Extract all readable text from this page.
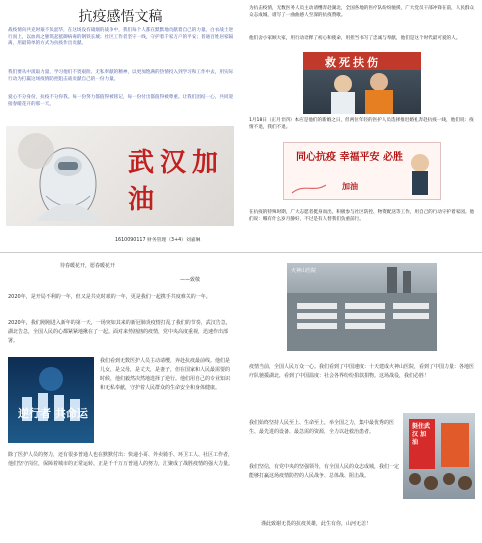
抗疫感悟文稿

战疫情向共克时艰不负韶华，在这场没有硝烟的战争中，我们每个人都在默默地贡献着自己的力量。白衣战士逆行而上，以血肉之躯筑起抵御病毒的钢铁长城；社区工作者坚守一线，守护着千家万户的平安；普通百姓居家隔离，用最简单的方式为抗疫作出贡献。

我们要从中汲取力量，学习他们不畏艰险、无私奉献的精神，以更加饱满的热情投入到学习和工作中去，用实际行动为打赢这场疫情防控阻击战贡献自己的一份力量。

爱心不分身份，抗疫不分你我。每一份努力都值得被铭记，每一份付出都值得被尊重。让我们团结一心，共同迎接春暖花开的那一天。

武汉加油
1610090117 财务管理（3+4）刘嘉琳

为抗击疫情，无数医务人员主动请缨奔赴湖北，全国各地的医疗队纷纷驰援，广大党员干部冲锋在前，人民群众众志成城，谱写了一曲曲感人至深的抗疫赞歌。

他们舍小家顾大家，用行动诠释了初心和使命，用担当书写了忠诚与奉献，他们是这个时代最可爱的人。

救死扶伤

1月18日（正月廿四）本应是他们的新婚之日，但两位年轻的医护人员选择推迟婚礼奔赴抗疫一线，他们说：疫情不退，我们不退。

同心抗疫 幸福平安 必胜
加油

在抗疫的特殊时期，广大志愿者挺身而出，积极参与社区防控、物资配送等工作，用自己的行动守护着家园。他们说：哪有什么岁月静好，不过是有人替我们负重前行。

待春暖花开，愿春暖花开

——致敬

2020年，是开局不利的一年，但又是共克时艰的一年，更是我们一起携手共度难关的一年。

2020年，我们刚刚进入新年的第一天，一场突如其来的新冠肺炎疫情打乱了我们的节奏，武汉告急，湖北告急，全国人民的心都紧紧地揪在了一起。面对来势汹汹的疫情，党中央高度重视，迅速作出部署。

逆行者 共命运

我们看到无数医护人员主动请缨，奔赴抗疫最前线。他们是儿女，是父母，是丈夫，是妻子，但在国家和人民最需要的时候，他们毅然决然地选择了逆行。他们用自己的专业知识和无私奉献，守护着人民群众的生命安全和身体健康。

除了医护人员的努力，还有很多普通人也在默默付出：快递小哥、外卖骑手、环卫工人、社区工作者，他们坚守岗位，保障着城市的正常运转。正是千千万万普通人的努力，汇聚成了战胜疫情的强大力量。

火神山医院

疫情当前，全国人民万众一心。我们看到了中国速度：十天建成火神山医院，看到了中国力量：各地医疗队驰援湖北，看到了中国温度：社会各界纷纷捐款捐物。这场战役，我们必胜！

我们始终坚持人民至上、生命至上，举全国之力，集中最优秀的医生、最先进的设备、最急需的资源，全力以赴救治患者。

挺住武汉 加油

我们坚信，有党中央的坚强领导，有全国人民的众志成城，我们一定能够打赢这场疫情防控的人民战争、总体战、阻击战。

谨此致谢无畏的抗疫英雄，此生有你，山河无恙！
